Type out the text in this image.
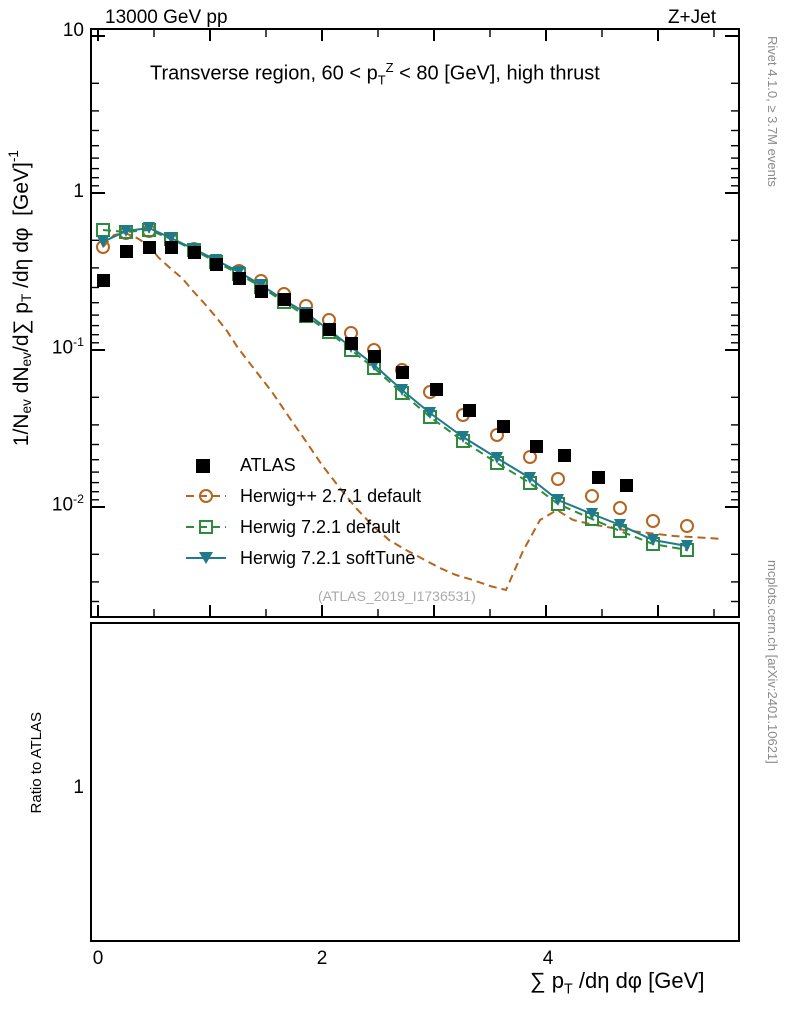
13000 GeV pp	Z+Jet
Rivet 4.1.0, ≥ 3.7M events
mcplots.cern.ch [arXiv:2401.10621]
$1/N_{ev}$ $dN_{ev}/d\sum$ $p_T$ /dη dφ  [GeV]$^{-1}$
Ratio to ATLAS
10
1
$10^{-1}$
$10^{-2}$
1
0	2	4
∑ $p_T$ /dη dφ [GeV]
Transverse region, $60 < p_T^Z < 80$ [GeV], high thrust
(ATLAS_2019_I1736531)
ATLAS
Herwig++ 2.7.1 default
Herwig 7.2.1 default
Herwig 7.2.1 softTune
